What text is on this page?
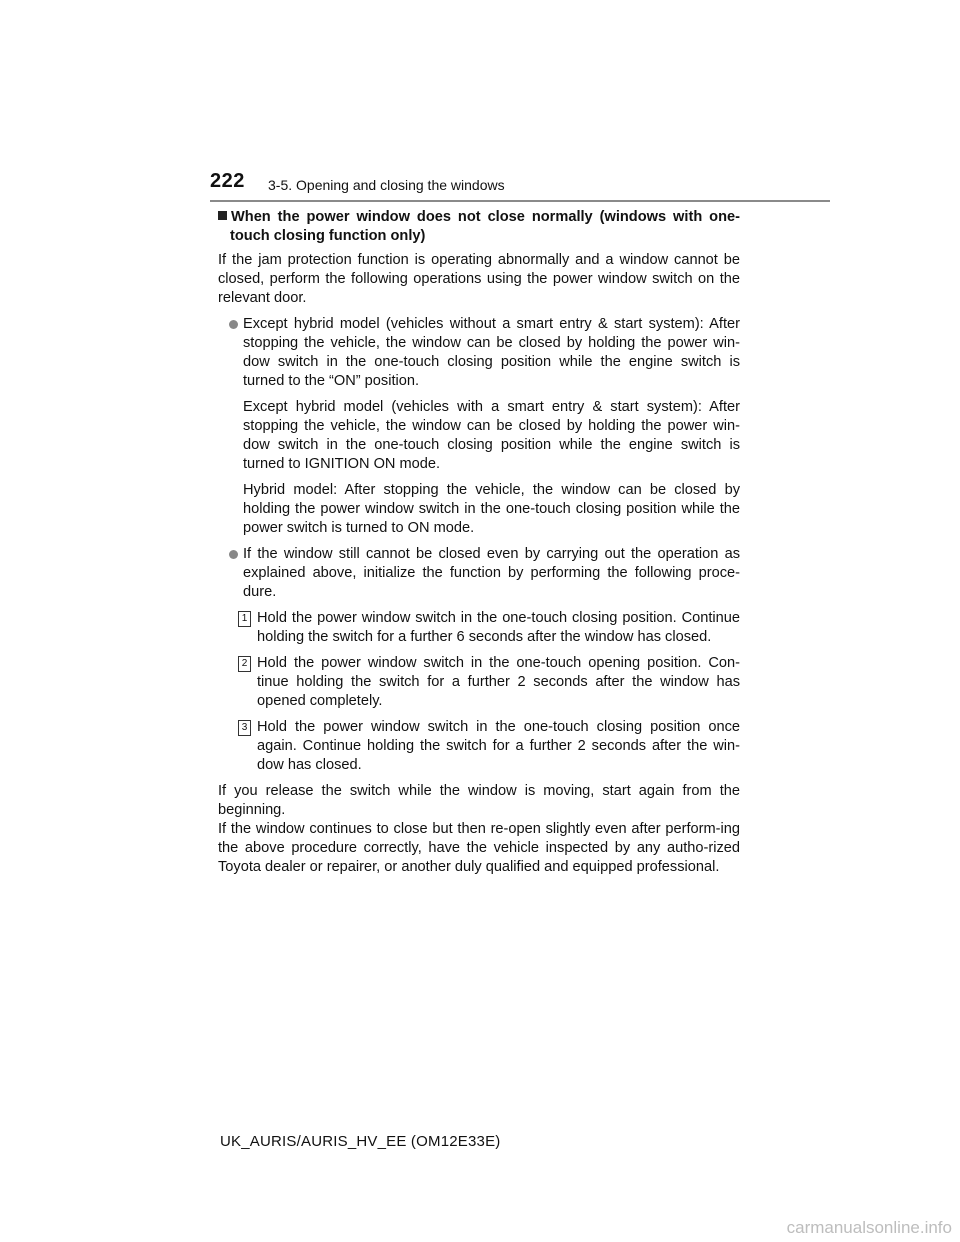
222 3-5. Opening and closing the windows

When the power window does not close normally (windows with one-touch closing function only)

If the jam protection function is operating abnormally and a window cannot be closed, perform the following operations using the power window switch on the relevant door.

Except hybrid model (vehicles without a smart entry & start system): After stopping the vehicle, the window can be closed by holding the power win-dow switch in the one-touch closing position while the engine switch is turned to the “ON” position.

Except hybrid model (vehicles with a smart entry & start system): After stopping the vehicle, the window can be closed by holding the power win-dow switch in the one-touch closing position while the engine switch is turned to IGNITION ON mode.

Hybrid model: After stopping the vehicle, the window can be closed by holding the power window switch in the one-touch closing position while the power switch is turned to ON mode.

If the window still cannot be closed even by carrying out the operation as explained above, initialize the function by performing the following proce-dure.
1 Hold the power window switch in the one-touch closing position. Continue holding the switch for a further 6 seconds after the window has closed.
2 Hold the power window switch in the one-touch opening position. Con-tinue holding the switch for a further 2 seconds after the window has opened completely.
3 Hold the power window switch in the one-touch closing position once again. Continue holding the switch for a further 2 seconds after the win-dow has closed.

If you release the switch while the window is moving, start again from the beginning.

If the window continues to close but then re-open slightly even after perform-ing the above procedure correctly, have the vehicle inspected by any autho-rized Toyota dealer or repairer, or another duly qualified and equipped professional.

UK_AURIS/AURIS_HV_EE (OM12E33E)
carmanualsonline.info
